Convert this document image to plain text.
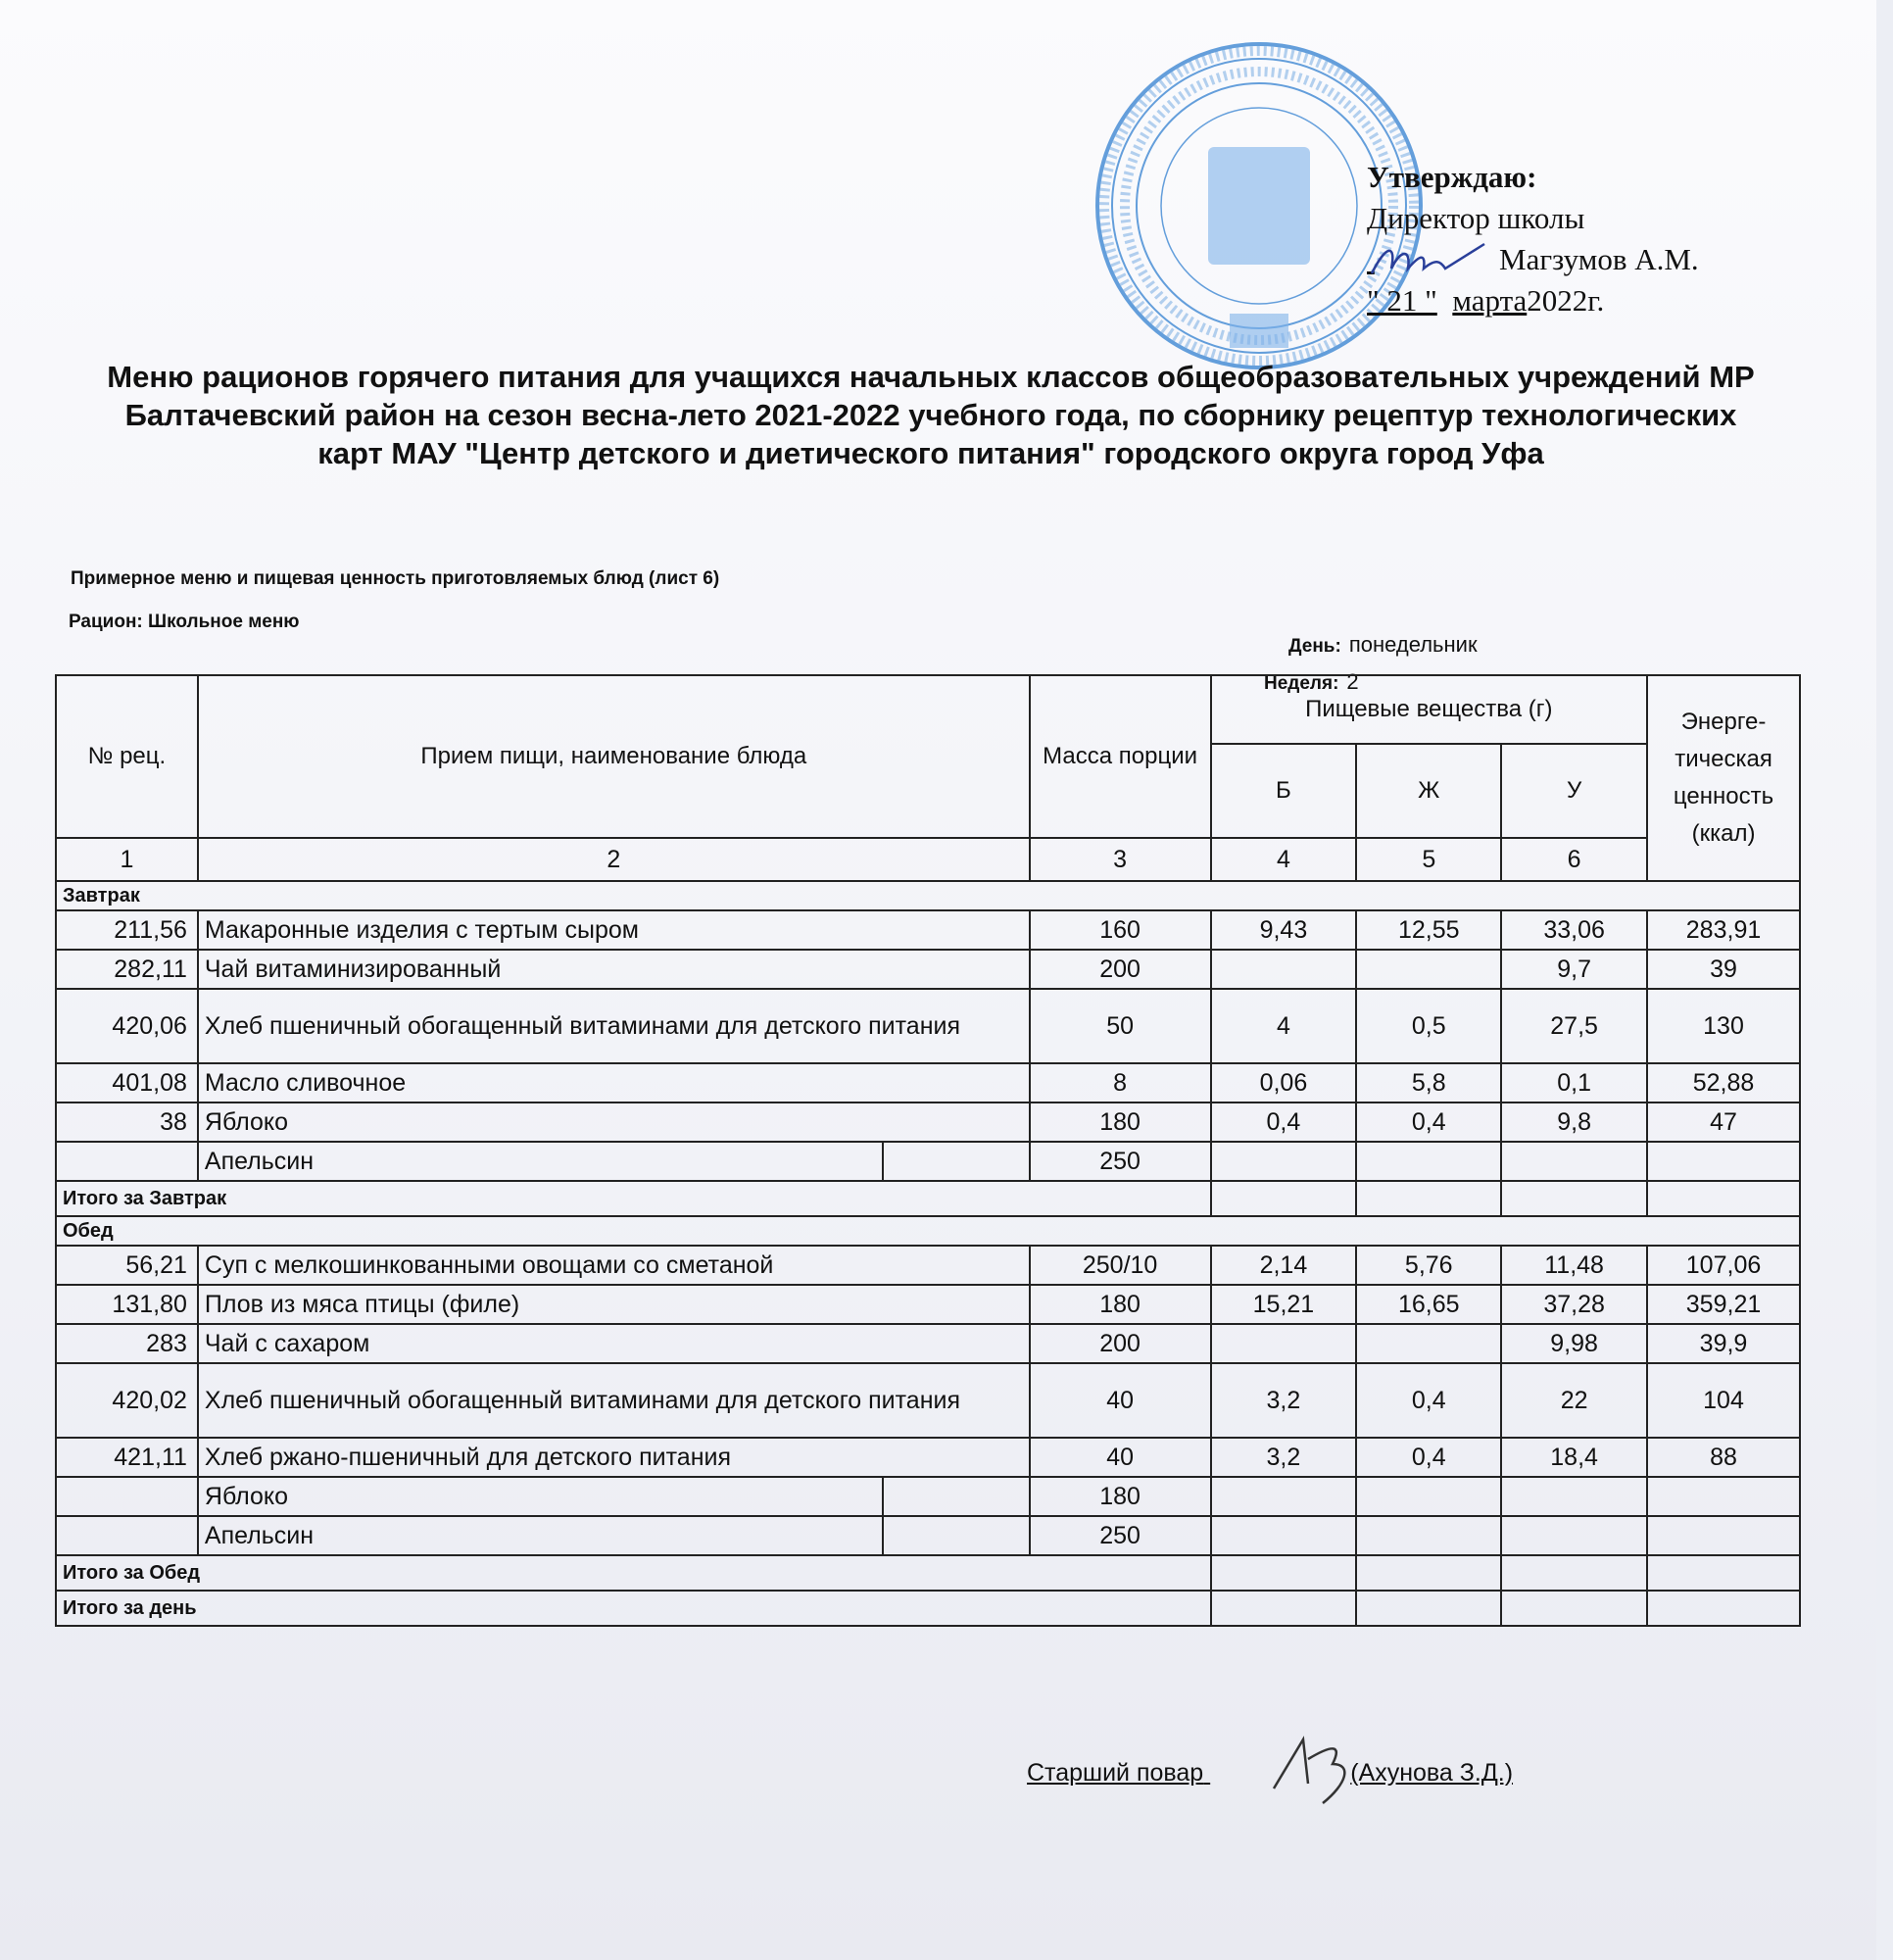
Утверждаю:
Директор школы
Магзумов А.М.
" 21 " марта2022г.
Меню рационов горячего питания для учащихся начальных классов общеобразовательных учреждений МР Балтачевский район на сезон весна-лето 2021-2022 учебного года, по сборнику рецептур технологических карт МАУ "Центр детского и диетического питания" городского округа город Уфа
Примерное меню и пищевая ценность приготовляемых блюд (лист 6)
Рацион: Школьное меню
День: понедельник
Неделя: 2
№ рец.	Прием пищи, наименование блюда		Масса порции	Пищевые вещества (г)			Энерге-тическая ценность (ккал)
				Б	Ж	У	
1	2		3	4	5	6	
Завтрак							
211,56	Макаронные изделия с тертым сыром		160	9,43	12,55	33,06	283,91
282,11	Чай витаминизированный		200			9,7	39
420,06	Хлеб пшеничный обогащенный витаминами для детского питания		50	4	0,5	27,5	130
401,08	Масло сливочное		8	0,06	5,8	0,1	52,88
38	Яблоко		180	0,4	0,4	9,8	47
	Апельсин		250				
Итого за Завтрак							
Обед							
56,21	Суп с мелкошинкованными овощами со сметаной		250/10	2,14	5,76	11,48	107,06
131,80	Плов из мяса птицы (филе)		180	15,21	16,65	37,28	359,21
283	Чай с сахаром		200			9,98	39,9
420,02	Хлеб пшеничный обогащенный витаминами для детского питания		40	3,2	0,4	22	104
421,11	Хлеб ржано-пшеничный для детского питания		40	3,2	0,4	18,4	88
	Яблоко		180				
	Апельсин		250				
Итого за Обед							
Итого за день							
Старший повар	(Ахунова З.Д.)
